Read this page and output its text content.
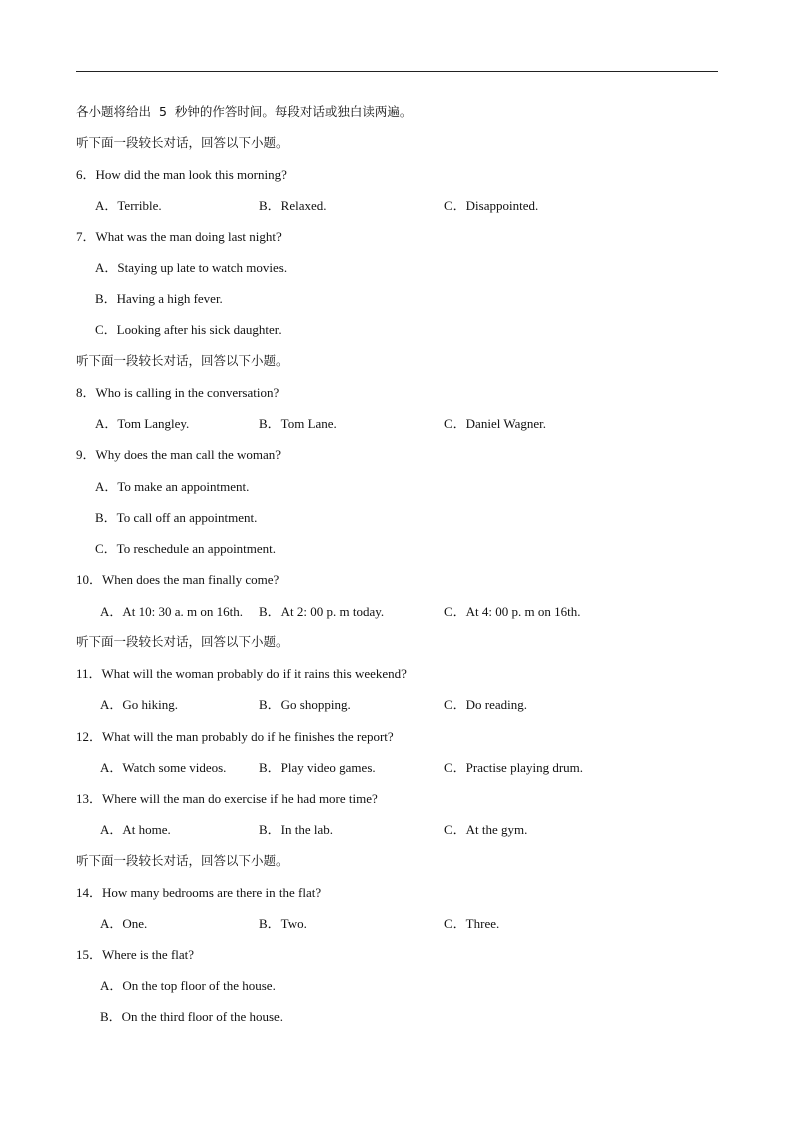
各小题将给出  5  秒钟的作答时间。每段对话或独白读两遍。
听下面一段较长对话，回答以下小题。
6．How did the man look this morning?
A．Terrible.	B．Relaxed.	C．Disappointed.
7．What was the man doing last night?
A．Staying up late to watch movies.
B．Having a high fever.
C．Looking after his sick daughter.
听下面一段较长对话，回答以下小题。
8．Who is calling in the conversation?
A．Tom Langley.	B．Tom Lane.	C．Daniel Wagner.
9．Why does the man call the woman?
A．To make an appointment.
B．To call off an appointment.
C．To reschedule an appointment.
10．When does the man finally come?
A．At 10: 30 a. m on 16th. B．At 2: 00 p. m today.	C．At 4: 00 p. m on 16th.
听下面一段较长对话，回答以下小题。
11．What will the woman probably do if it rains this weekend?
A．Go hiking.	B．Go shopping.	C．Do reading.
12．What will the man probably do if he finishes the report?
A．Watch some videos.	B．Play video games.	C．Practise playing drum.
13．Where will the man do exercise if he had more time?
A．At home.	B．In the lab.	C．At the gym.
听下面一段较长对话，回答以下小题。
14．How many bedrooms are there in the flat?
A．One.	B．Two.	C．Three.
15．Where is the flat?
A．On the top floor of the house.
B．On the third floor of the house.
